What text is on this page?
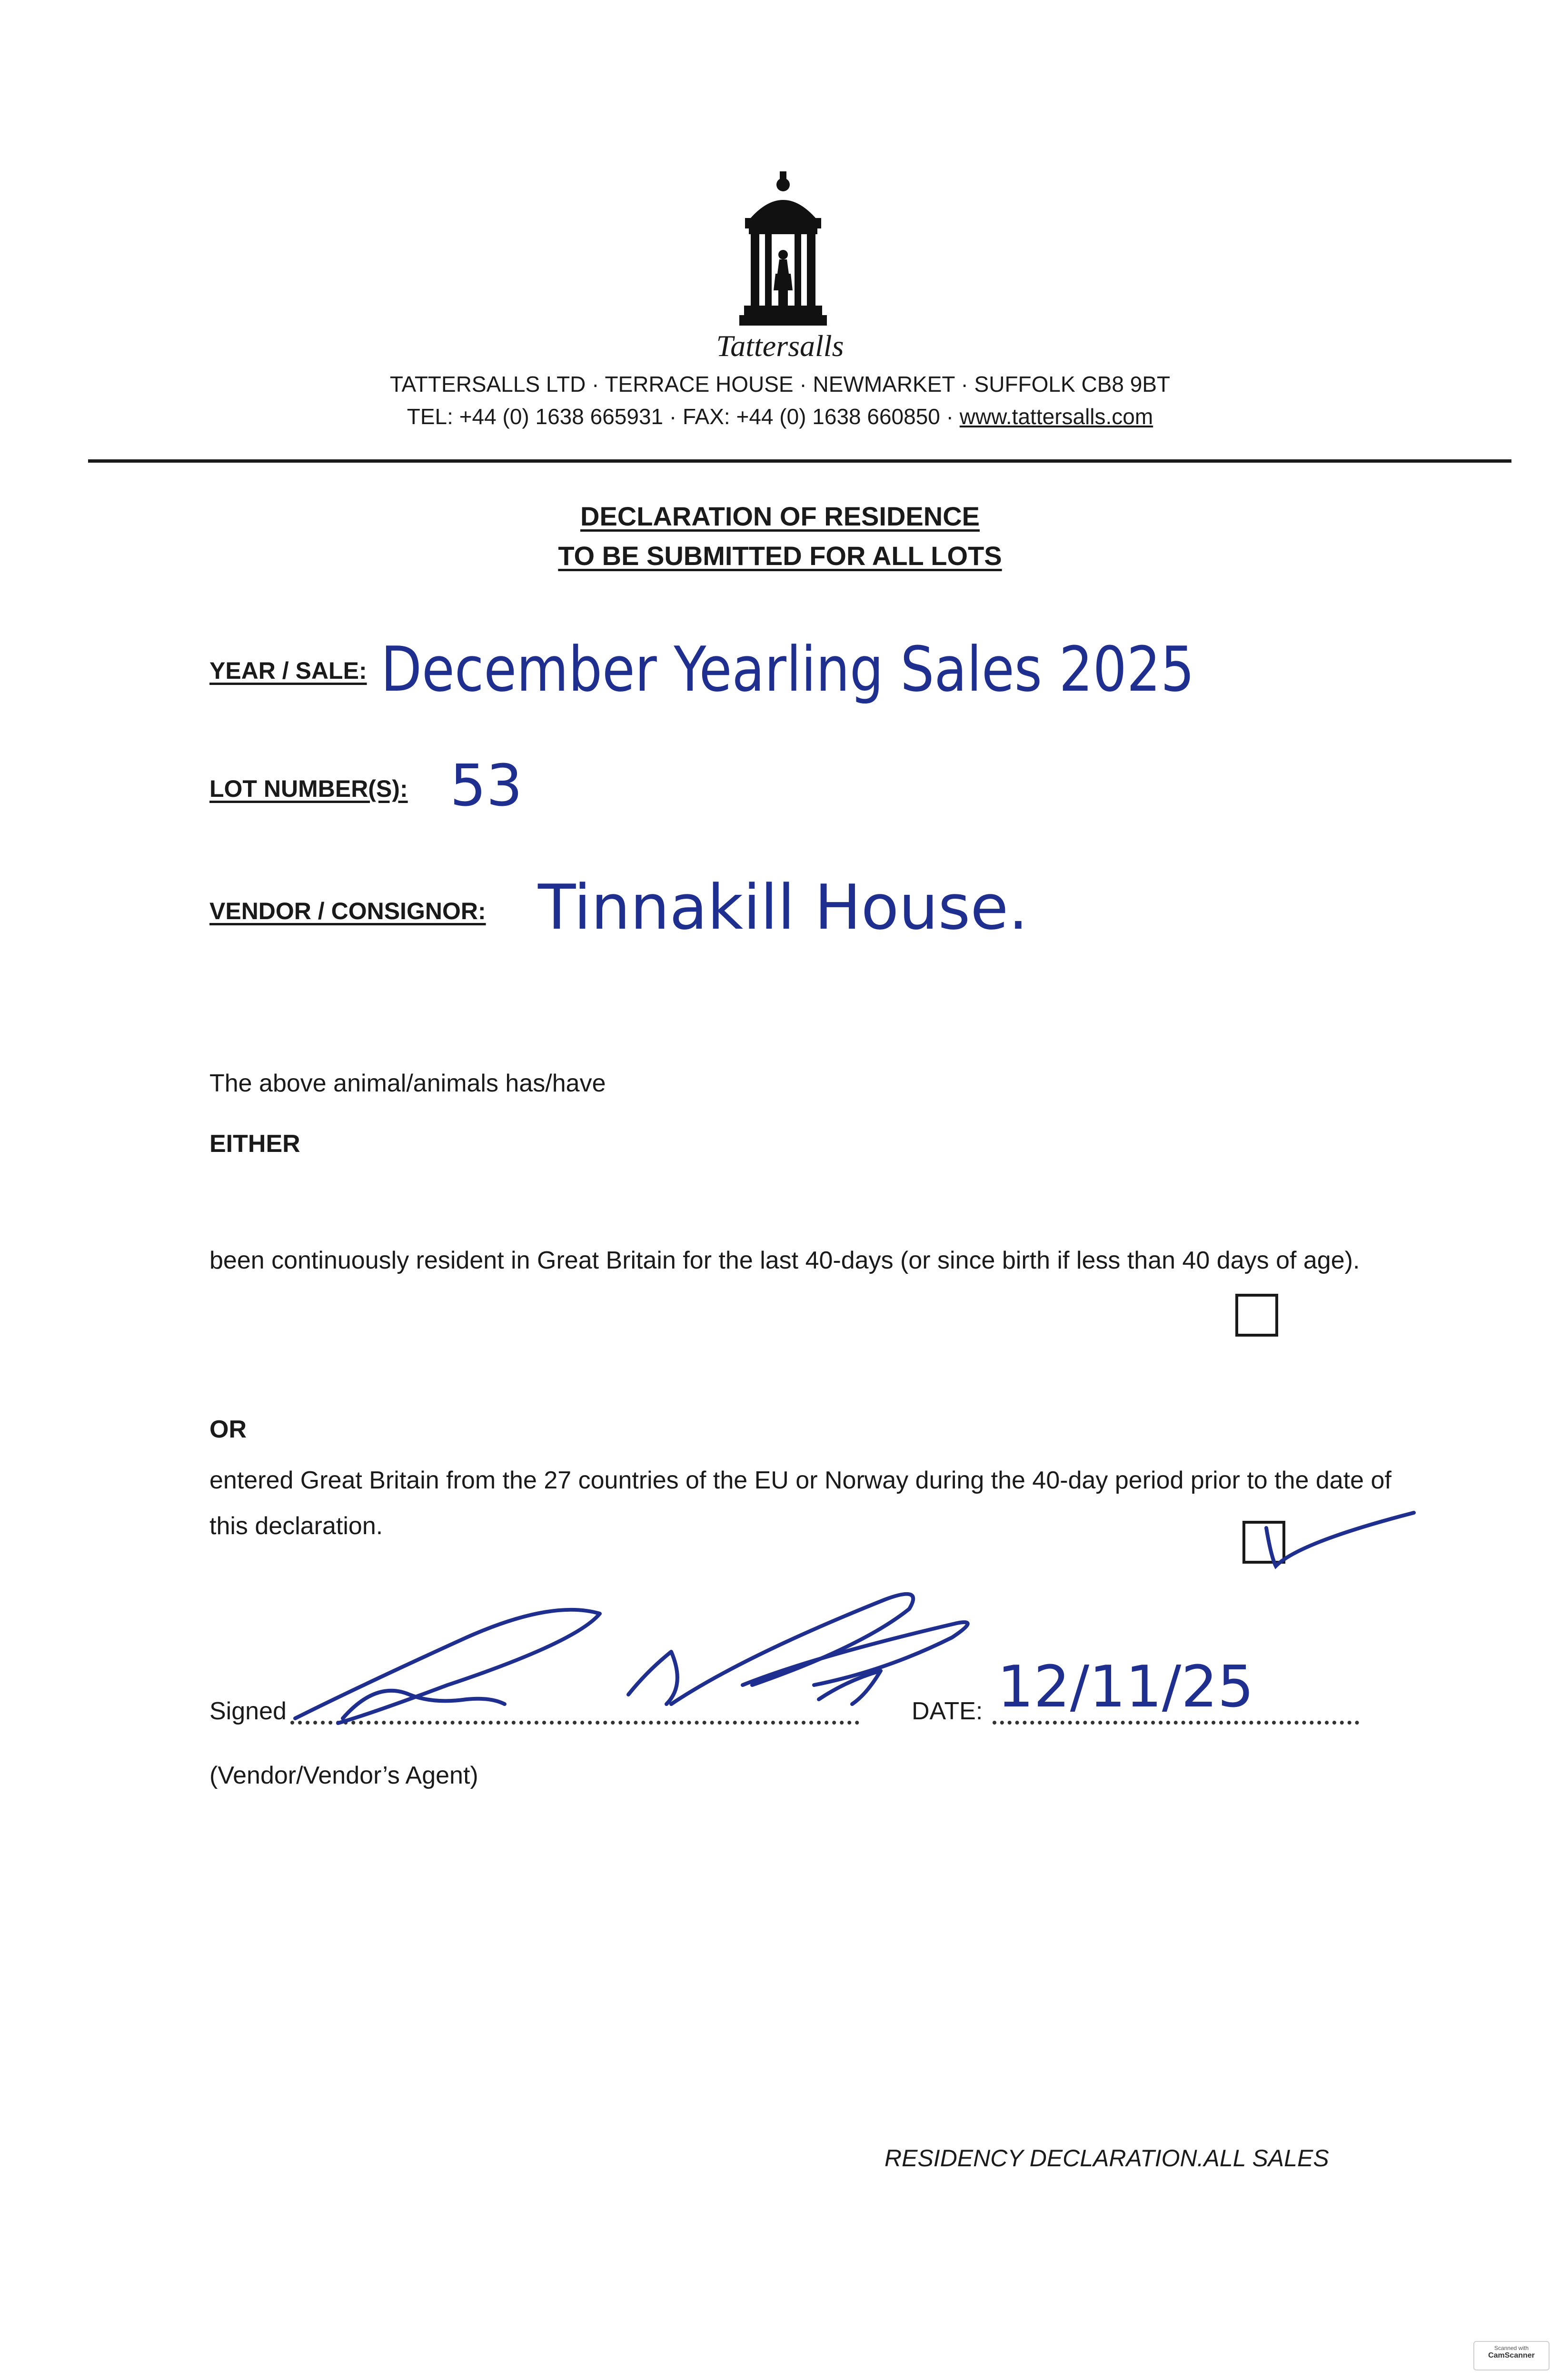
Tattersalls
TATTERSALLS LTD · TERRACE HOUSE · NEWMARKET · SUFFOLK CB8 9BT
TEL: +44 (0) 1638 665931 · FAX: +44 (0) 1638 660850 · www.tattersalls.com
DECLARATION OF RESIDENCE
TO BE SUBMITTED FOR ALL LOTS
YEAR / SALE: December Yearling Sales 2025
LOT NUMBER(S): 53
VENDOR / CONSIGNOR: Tinnakill House.
The above animal/animals has/have
EITHER
been continuously resident in Great Britain for the last 40-days (or since birth if less than 40 days of age).
OR
entered Great Britain from the 27 countries of the EU or Norway during the 40-day period prior to the date of this declaration.
Signed	DATE: 12/11/25
(Vendor/Vendor’s Agent)
RESIDENCY DECLARATION.ALL SALES
Scanned with
CamScanner
